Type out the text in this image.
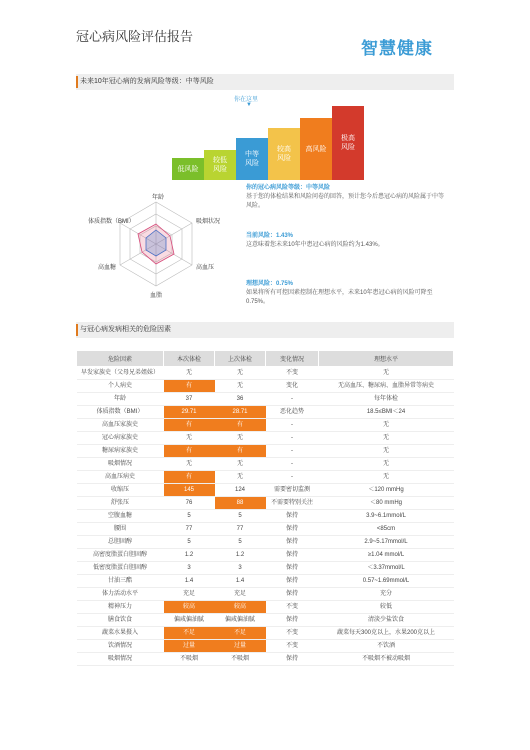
冠心病风险评估报告
智慧健康
未来10年冠心病的发病风险等级：中等风险
你在这里
▼
低风险
较低
风险
中等
风险
较高
风险
高风险
极高
风险
年龄
吸烟状况
高血压
血脂
高血糖
体质指数（BMI）
你的冠心病风险等级：中等风险
基于您的体检结果和风险问卷的回答，预计您今后患冠心病的风险属于中等风险。
当前风险：1.43%
这意味着您未来10年中患冠心病的风险约为1.43%。
理想风险：0.75%
如果将所有可控因素控制在理想水平，未来10年患冠心病的风险可降至0.75%。
与冠心病发病相关的危险因素
危险因素	本次体检	上次体检	变化情况	理想水平
早发家族史（父母兄弟姐妹）	无	无	不变	无
个人病史	有	无	变化	无高血压、糖尿病、血脂异常等病史
年龄	37	36	-	每年体检
体质指数（BMI）	29.71	28.71	恶化趋势	18.5≤BMI＜24
高血压家族史	有	有	-	无
冠心病家族史	无	无	-	无
糖尿病家族史	有	有	-	无
吸烟情况	无	无	-	无
高血压病史	有	无	-	无
收缩压	145	124	需要密切监测	＜120 mmHg
舒张压	76	88	不需要特别关注	＜80 mmHg
空腹血糖	5	5	保持	3.9~6.1mmol/L
腰围	77	77	保持	<85cm
总胆固醇	5	5	保持	2.9~5.17mmol/L
高密度脂蛋白胆固醇	1.2	1.2	保持	≥1.04 mmol/L
低密度脂蛋白胆固醇	3	3	保持	＜3.37mmol/L
甘油三酯	1.4	1.4	保持	0.57~1.69mmol/L
体力活动水平	充足	充足	保持	充分
精神压力	较高	较高	不变	较低
膳食饮食	偏咸偏油腻	偏咸偏油腻	保持	清淡少盐饮食
蔬菜水果摄入	不足	不足	不变	蔬菜每天300克以上，水果200克以上
饮酒情况	过量	过量	不变	不饮酒
吸烟情况	不吸烟	不吸烟	保持	不吸烟不被动吸烟
